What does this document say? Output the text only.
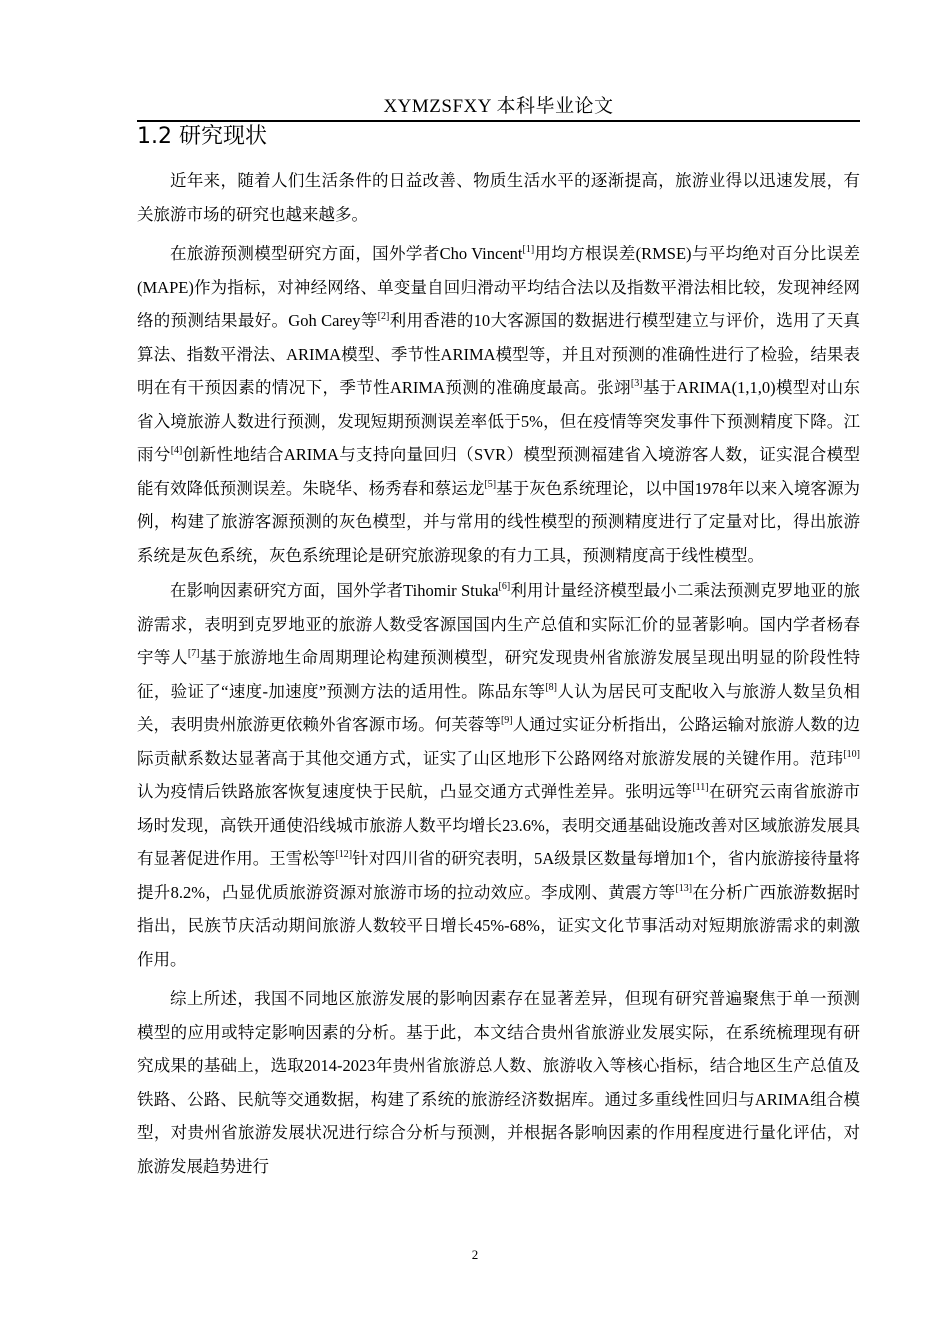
XYMZSFXY 本科毕业论文
1.2 研究现状

近年来，随着人们生活条件的日益改善、物质生活水平的逐渐提高，旅游业得以迅速发展，有关旅游市场的研究也越来越多。

在旅游预测模型研究方面，国外学者Cho Vincent[1]用均方根误差(RMSE)与平均绝对百分比误差(MAPE)作为指标，对神经网络、单变量自回归滑动平均结合法以及指数平滑法相比较，发现神经网络的预测结果最好。Goh Carey等[2]利用香港的10大客源国的数据进行模型建立与评价，选用了天真算法、指数平滑法、ARIMA模型、季节性ARIMA模型等，并且对预测的准确性进行了检验，结果表明在有干预因素的情况下，季节性ARIMA预测的准确度最高。张翊[3]基于ARIMA(1,1,0)模型对山东省入境旅游人数进行预测，发现短期预测误差率低于5%，但在疫情等突发事件下预测精度下降。江雨兮[4]创新性地结合ARIMA与支持向量回归（SVR）模型预测福建省入境游客人数，证实混合模型能有效降低预测误差。朱晓华、杨秀春和蔡运龙[5]基于灰色系统理论，以中国1978年以来入境客源为例，构建了旅游客源预测的灰色模型，并与常用的线性模型的预测精度进行了定量对比，得出旅游系统是灰色系统，灰色系统理论是研究旅游现象的有力工具，预测精度高于线性模型。

在影响因素研究方面，国外学者Tihomir Stuka[6]利用计量经济模型最小二乘法预测克罗地亚的旅游需求，表明到克罗地亚的旅游人数受客源国国内生产总值和实际汇价的显著影响。国内学者杨春宇等人[7]基于旅游地生命周期理论构建预测模型，研究发现贵州省旅游发展呈现出明显的阶段性特征，验证了“速度-加速度”预测方法的适用性。陈品东等[8]人认为居民可支配收入与旅游人数呈负相关，表明贵州旅游更依赖外省客源市场。何芙蓉等[9]人通过实证分析指出，公路运输对旅游人数的边际贡献系数达显著高于其他交通方式，证实了山区地形下公路网络对旅游发展的关键作用。范玮[10]认为疫情后铁路旅客恢复速度快于民航，凸显交通方式弹性差异。张明远等[11]在研究云南省旅游市场时发现，高铁开通使沿线城市旅游人数平均增长23.6%，表明交通基础设施改善对区域旅游发展具有显著促进作用。王雪松等[12]针对四川省的研究表明，5A级景区数量每增加1个，省内旅游接待量将提升8.2%，凸显优质旅游资源对旅游市场的拉动效应。李成刚、黄震方等[13]在分析广西旅游数据时指出，民族节庆活动期间旅游人数较平日增长45%-68%，证实文化节事活动对短期旅游需求的刺激作用。

综上所述，我国不同地区旅游发展的影响因素存在显著差异，但现有研究普遍聚焦于单一预测模型的应用或特定影响因素的分析。基于此，本文结合贵州省旅游业发展实际，在系统梳理现有研究成果的基础上，选取2014-2023年贵州省旅游总人数、旅游收入等核心指标，结合地区生产总值及铁路、公路、民航等交通数据，构建了系统的旅游经济数据库。通过多重线性回归与ARIMA组合模型，对贵州省旅游发展状况进行综合分析与预测，并根据各影响因素的作用程度进行量化评估，对旅游发展趋势进行

2
